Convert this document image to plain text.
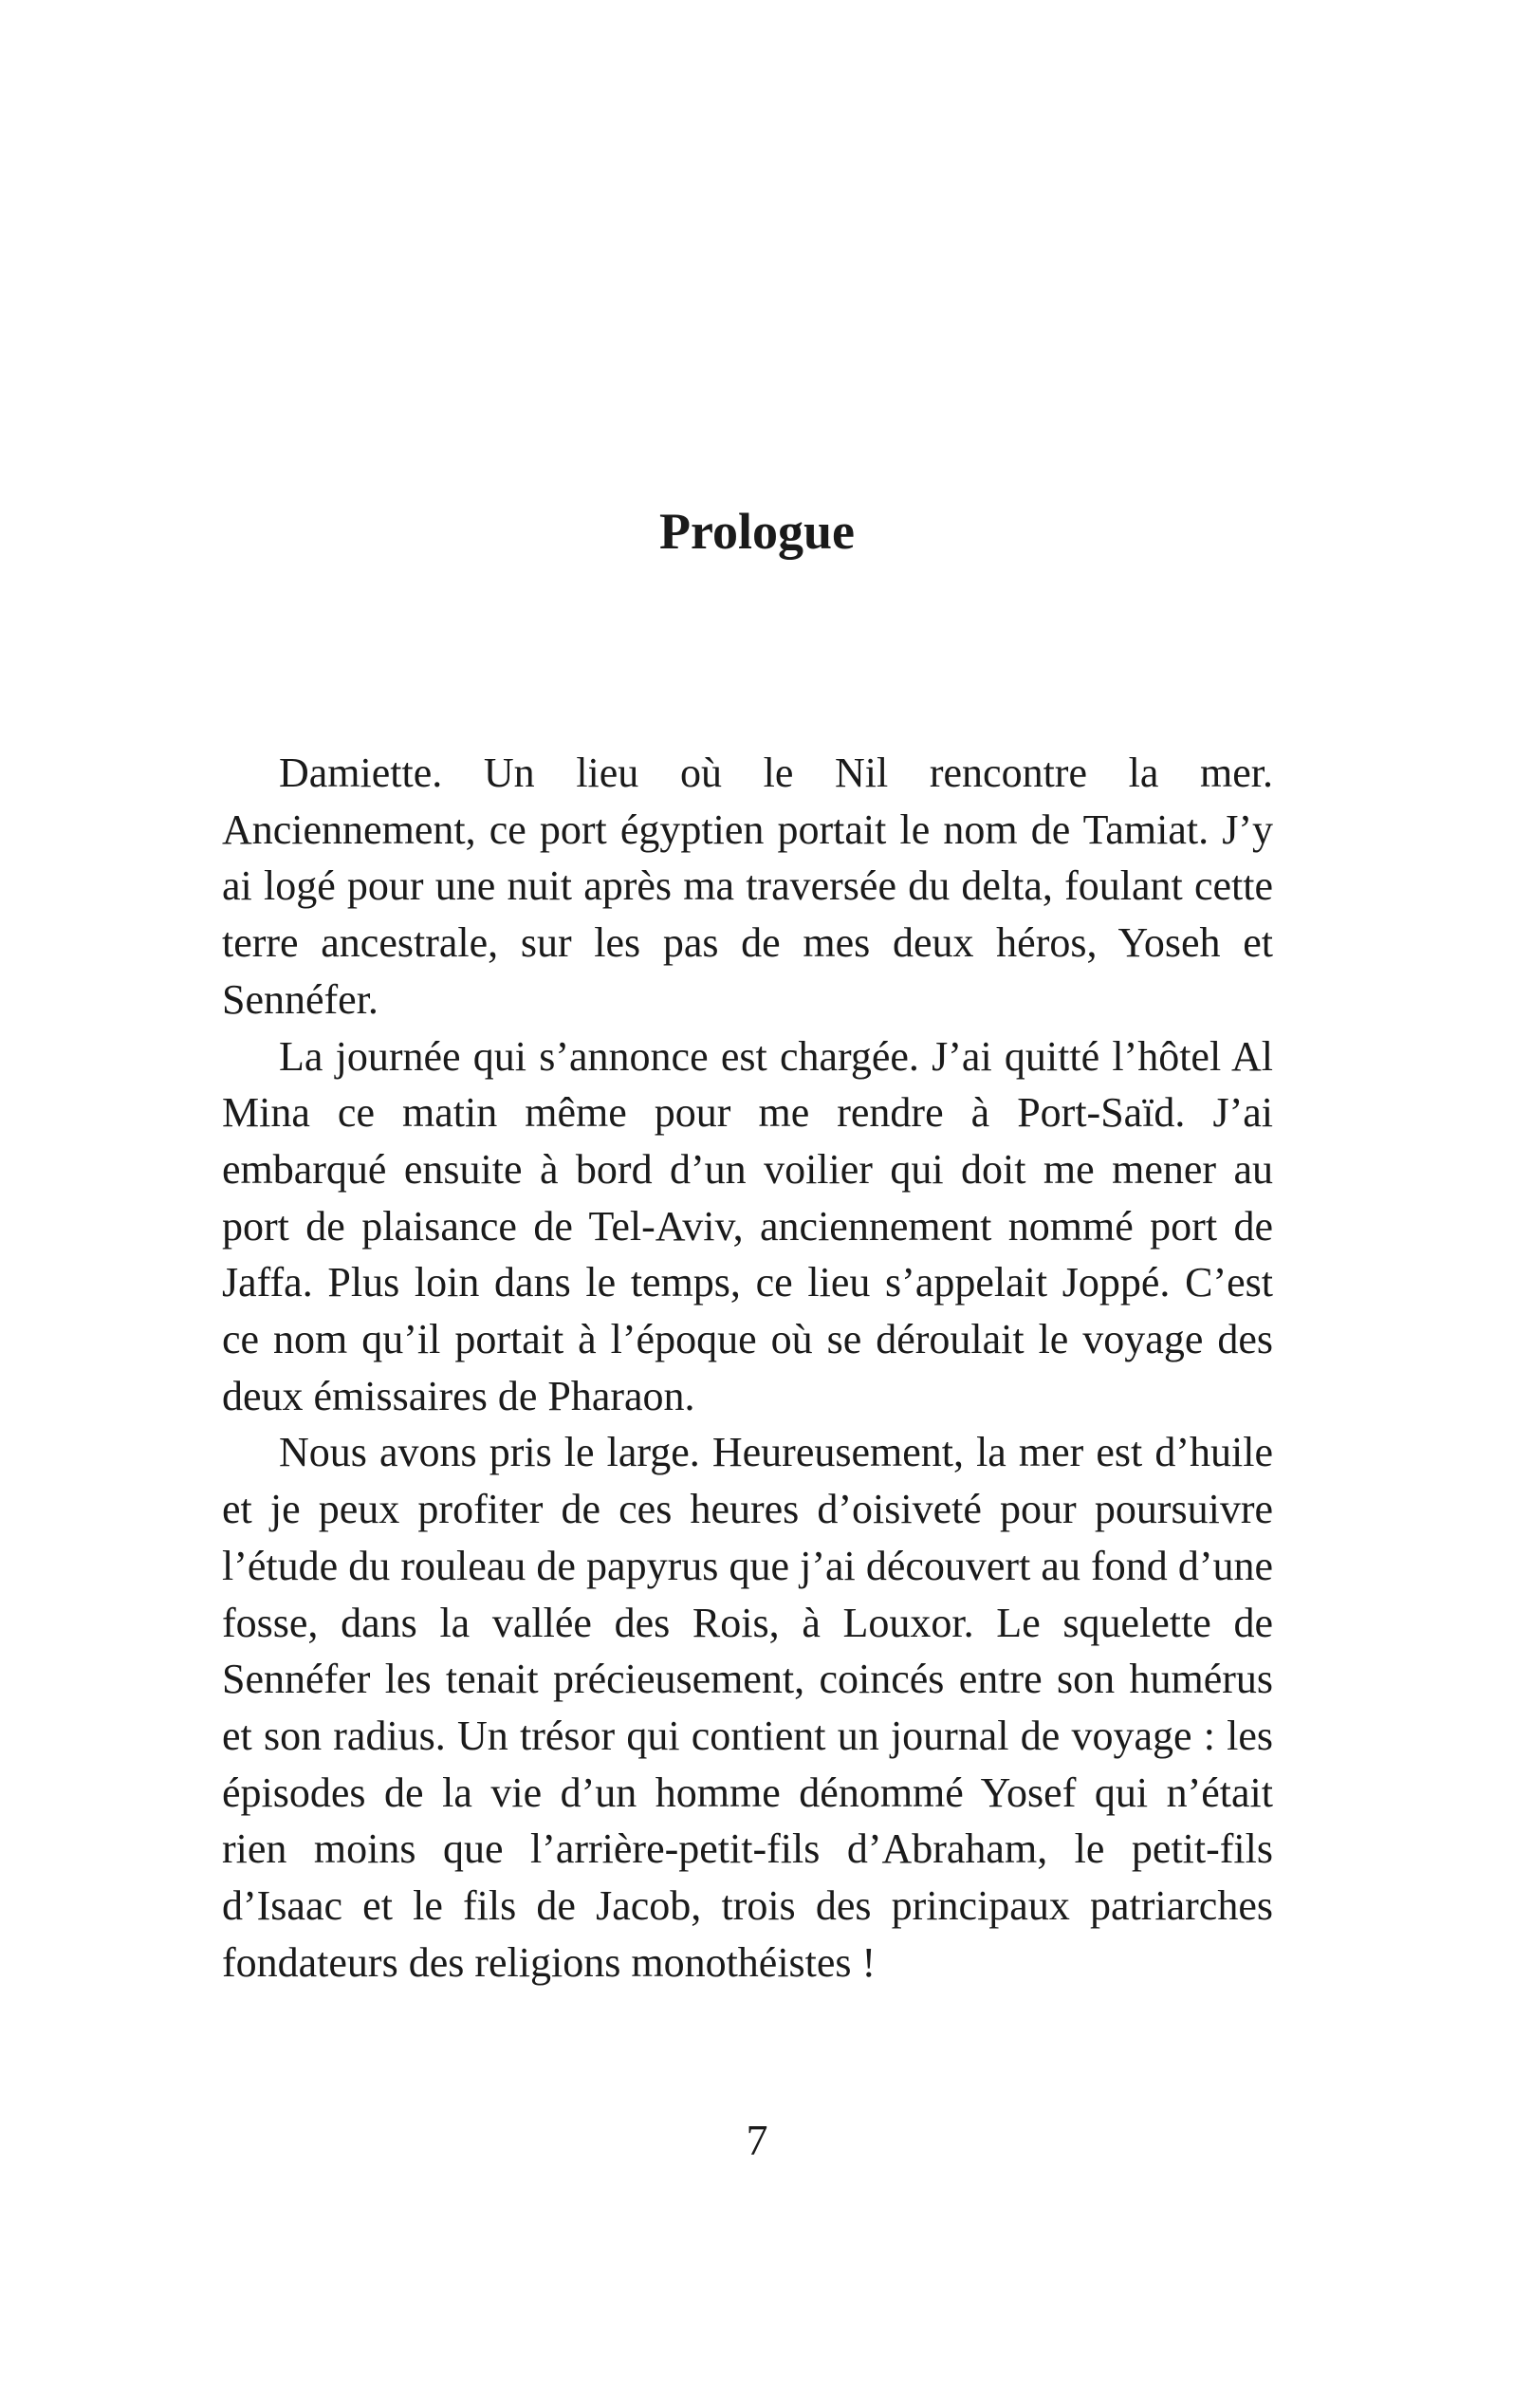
Prologue

Damiette. Un lieu où le Nil rencontre la mer. Anciennement, ce port égyptien portait le nom de Tamiat. J’y ai logé pour une nuit après ma traversée du delta, foulant cette terre ancestrale, sur les pas de mes deux héros, Yoseh et Sennéfer.

La journée qui s’annonce est chargée. J’ai quitté l’hôtel Al Mina ce matin même pour me rendre à Port-Saïd. J’ai embarqué ensuite à bord d’un voilier qui doit me mener au port de plaisance de Tel-Aviv, anciennement nommé port de Jaffa. Plus loin dans le temps, ce lieu s’appelait Joppé. C’est ce nom qu’il portait à l’époque où se déroulait le voyage des deux émissaires de Pharaon.

Nous avons pris le large. Heureusement, la mer est d’huile et je peux profiter de ces heures d’oisiveté pour poursuivre l’étude du rouleau de papyrus que j’ai découvert au fond d’une fosse, dans la vallée des Rois, à Louxor. Le squelette de Sennéfer les tenait précieusement, coincés entre son humérus et son radius. Un trésor qui contient un journal de voyage : les épisodes de la vie d’un homme dénommé Yosef qui n’était rien moins que l’arrière-petit-fils d’Abraham, le petit-fils d’Isaac et le fils de Jacob, trois des principaux patriarches fondateurs des religions monothéistes !

7
